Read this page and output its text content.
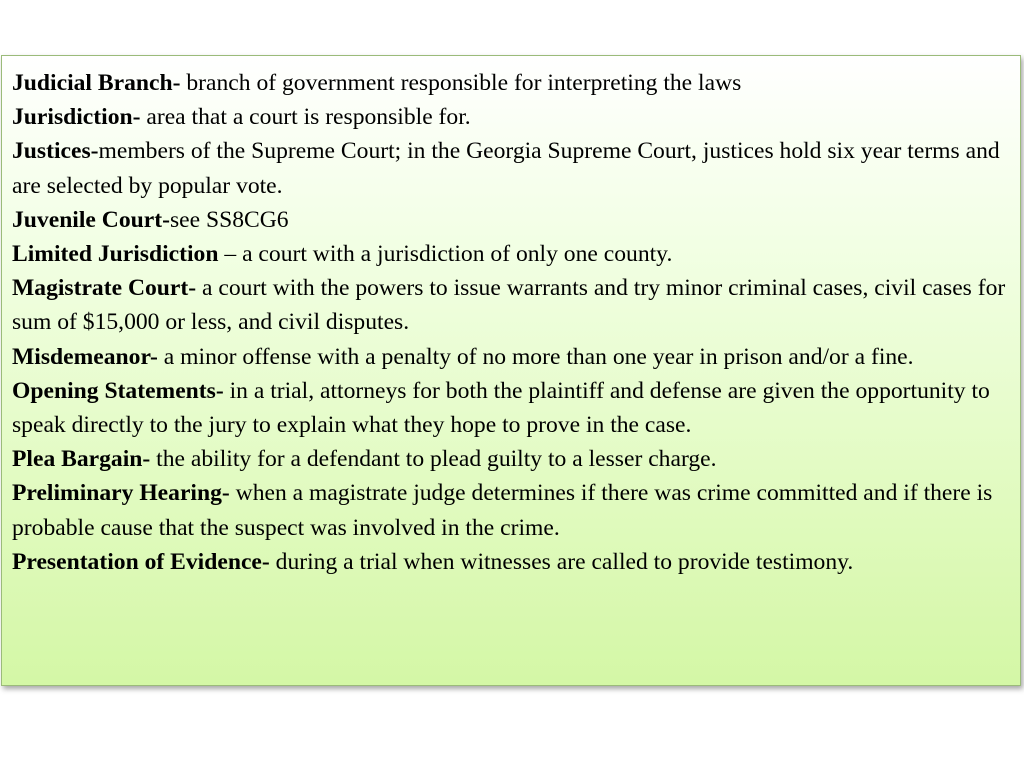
Judicial Branch- branch of government responsible for interpreting the laws

Jurisdiction- area that a court is responsible for.

Justices-members of the Supreme Court; in the Georgia Supreme Court, justices hold six year terms and are selected by popular vote.

Juvenile Court-see SS8CG6

Limited Jurisdiction – a court with a jurisdiction of only one county.

Magistrate Court- a court with the powers to issue warrants and try minor criminal cases, civil cases for sum of $15,000 or less, and civil disputes.

Misdemeanor- a minor offense with a penalty of no more than one year in prison and/or a fine.

Opening Statements- in a trial, attorneys for both the plaintiff and defense are given the opportunity to speak directly to the jury to explain what they hope to prove in the case.

Plea Bargain- the ability for a defendant to plead guilty to a lesser charge.

Preliminary Hearing- when a magistrate judge determines if there was crime committed and if there is probable cause that the suspect was involved in the crime.

Presentation of Evidence- during a trial when witnesses are called to provide testimony.
